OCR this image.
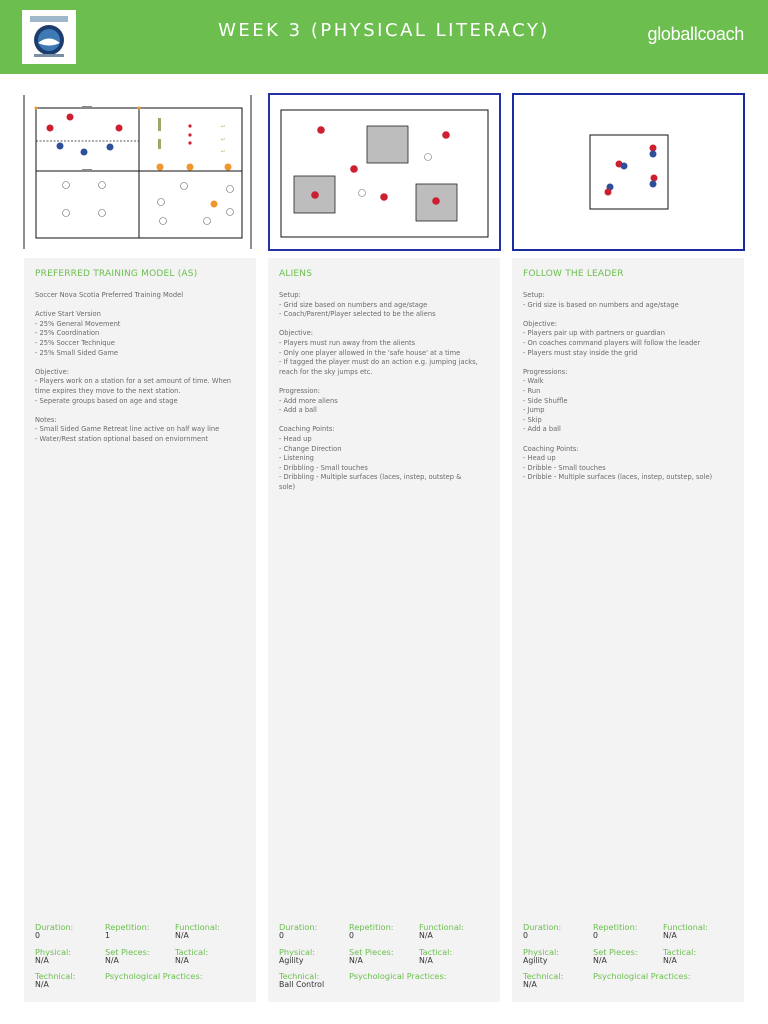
WEEK 3 (PHYSICAL LITERACY)	globallcoach
↩
↩
↩
PREFERRED TRAINING MODEL (AS)
Soccer Nova Scotia Preferred Training Model
Active Start Version
- 25% General Movement
- 25% Coordination
- 25% Soccer Technique
- 25% Small Sided Game
Objective:
- Players work on a station for a set amount of time. When
time expires they move to the next station.
- Seperate groups based on age and stage
Notes:
- Small Sided Game Retreat line active on half way line
- Water/Rest station optional based on enviornment
Duration:
0
Repetition:
1
Functional:
N/A
Physical:
N/A
Set Pieces:
N/A
Tactical:
N/A
Technical:
N/A
Psychological Practices:
ALIENS
Setup:
- Grid size based on numbers and age/stage
- Coach/Parent/Player selected to be the aliens
Objective:
- Players must run away from the alients
- Only one player allowed in the 'safe house' at a time
- If tagged the player must do an action e.g. jumping jacks,
reach for the sky jumps etc.
Progression:
- Add more aliens
- Add a ball
Coaching Points:
- Head up
- Change Direction
- Listening
- Dribbling - Small touches
- Dribbling - Multiple surfaces (laces, instep, outstep &
sole)
Duration:
0
Repetition:
0
Functional:
N/A
Physical:
Agility
Set Pieces:
N/A
Tactical:
N/A
Technical:
Ball Control
Psychological Practices:
FOLLOW THE LEADER
Setup:
- Grid size is based on numbers and age/stage
Objective:
- Players pair up with partners or guardian
- On coaches command players will follow the leader
- Players must stay inside the grid
Progressions:
- Walk
- Run
- Side Shuffle
- Jump
- Skip
- Add a ball
Coaching Points:
- Head up
- Dribble - Small touches
- Dribble - Multiple surfaces (laces, instep, outstep, sole)
Duration:
0
Repetition:
0
Functional:
N/A
Physical:
Agility
Set Pieces:
N/A
Tactical:
N/A
Technical:
N/A
Psychological Practices:
